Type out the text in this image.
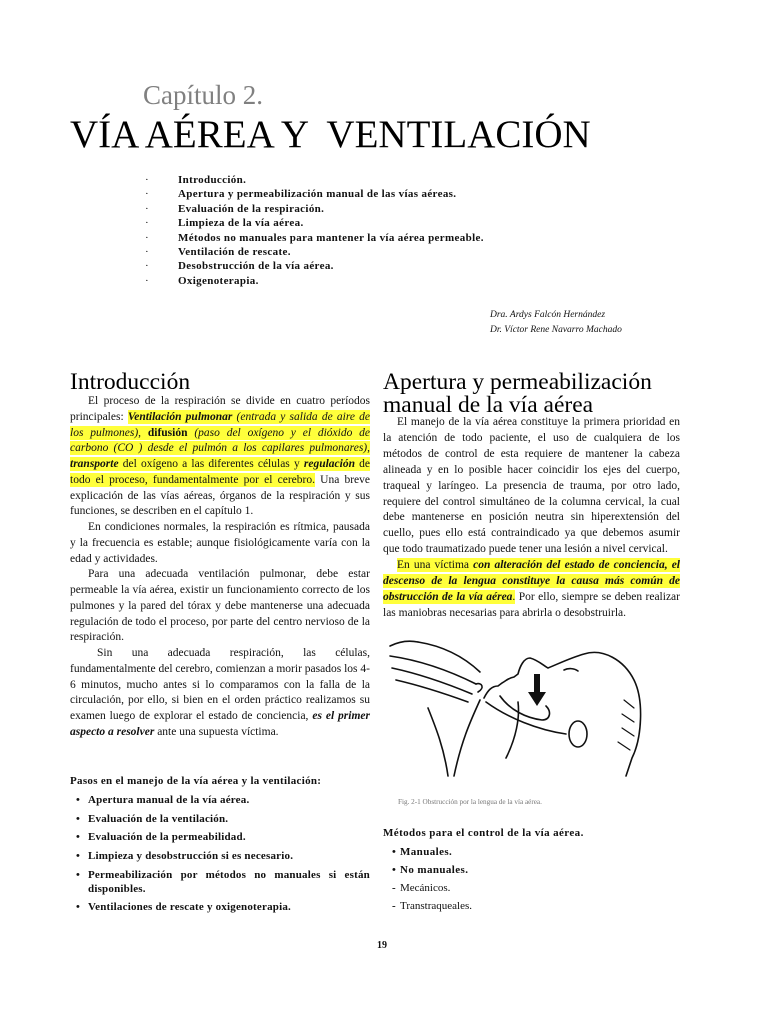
Capítulo 2.
VÍA AÉREA Y  VENTILACIÓN
·	Introducción.
·	Apertura y permeabilización manual de las vías aéreas.
·	Evaluación de la respiración.
·	Limpieza de la vía aérea.
·	Métodos no manuales para mantener la vía aérea permeable.
·	Ventilación de rescate.
·	Desobstrucción de la vía aérea.
·	Oxigenoterapia.
Dra. Ardys Falcón Hernández
Dr. Víctor Rene Navarro Machado
Introducción

El proceso de la respiración se divide en cuatro períodos principales: Ventilación pulmonar (entrada y salida de aire de los pulmones), difusión (paso del oxígeno y el dióxido de carbono (CO ) desde el pulmón a los capilares pulmonares), transporte del oxígeno a las diferentes células y regulación de todo el proceso, fundamentalmente por el cerebro. Una breve explicación de las vías aéreas, órganos de la respiración y sus funciones, se describen en el capítulo 1.

En condiciones normales, la respiración es rítmica, pausada y la frecuencia es estable; aunque fisiológicamente varía con la edad y actividades.

Para una adecuada ventilación pulmonar, debe estar permeable la vía aérea, existir un funcionamiento correcto de los pulmones y la pared del tórax y debe mantenerse una adecuada regulación de todo el proceso, por parte del centro nervioso de la respiración.

Sin una adecuada respiración, las células, fundamentalmente del cerebro, comienzan a morir pasados los 4-6 minutos, mucho antes si lo comparamos con la falla de la circulación, por ello, si bien en el orden práctico realizamos su examen luego de explorar el estado de conciencia, es el primer aspecto a resolver ante una supuesta víctima.

Pasos en el manejo de la vía aérea y la ventilación:
• Apertura manual de la vía aérea.
• Evaluación de la ventilación.
• Evaluación de la permeabilidad.
• Limpieza y desobstrucción si es necesario.
• Permeabilización por métodos no manuales si están disponibles.
• Ventilaciones de rescate y oxigenoterapia.
Apertura y permeabilización manual de la vía aérea

El manejo de la vía aérea constituye la primera prioridad en la atención de todo paciente, el uso de cualquiera de los métodos de control de esta requiere de mantener la cabeza alineada y en lo posible hacer coincidir los ejes del cuerpo, traqueal y laríngeo. La presencia de trauma, por otro lado, requiere del control simultáneo de la columna cervical, la cual debe mantenerse en posición neutra sin hiperextensión del cuello, pues ello está contraindicado ya que debemos asumir que todo traumatizado puede tener una lesión a nivel cervical.

En una víctima con alteración del estado de conciencia, el descenso de la lengua constituye la causa más común de obstrucción de la vía aérea. Por ello, siempre se deben realizar las maniobras necesarias para abrirla o desobstruirla.

Fig. 2-1 Obstrucción por la lengua de la vía aérea.
Métodos para el control de la vía aérea.
• Manuales.
• No manuales.
- Mecánicos.
- Transtraqueales.
19
